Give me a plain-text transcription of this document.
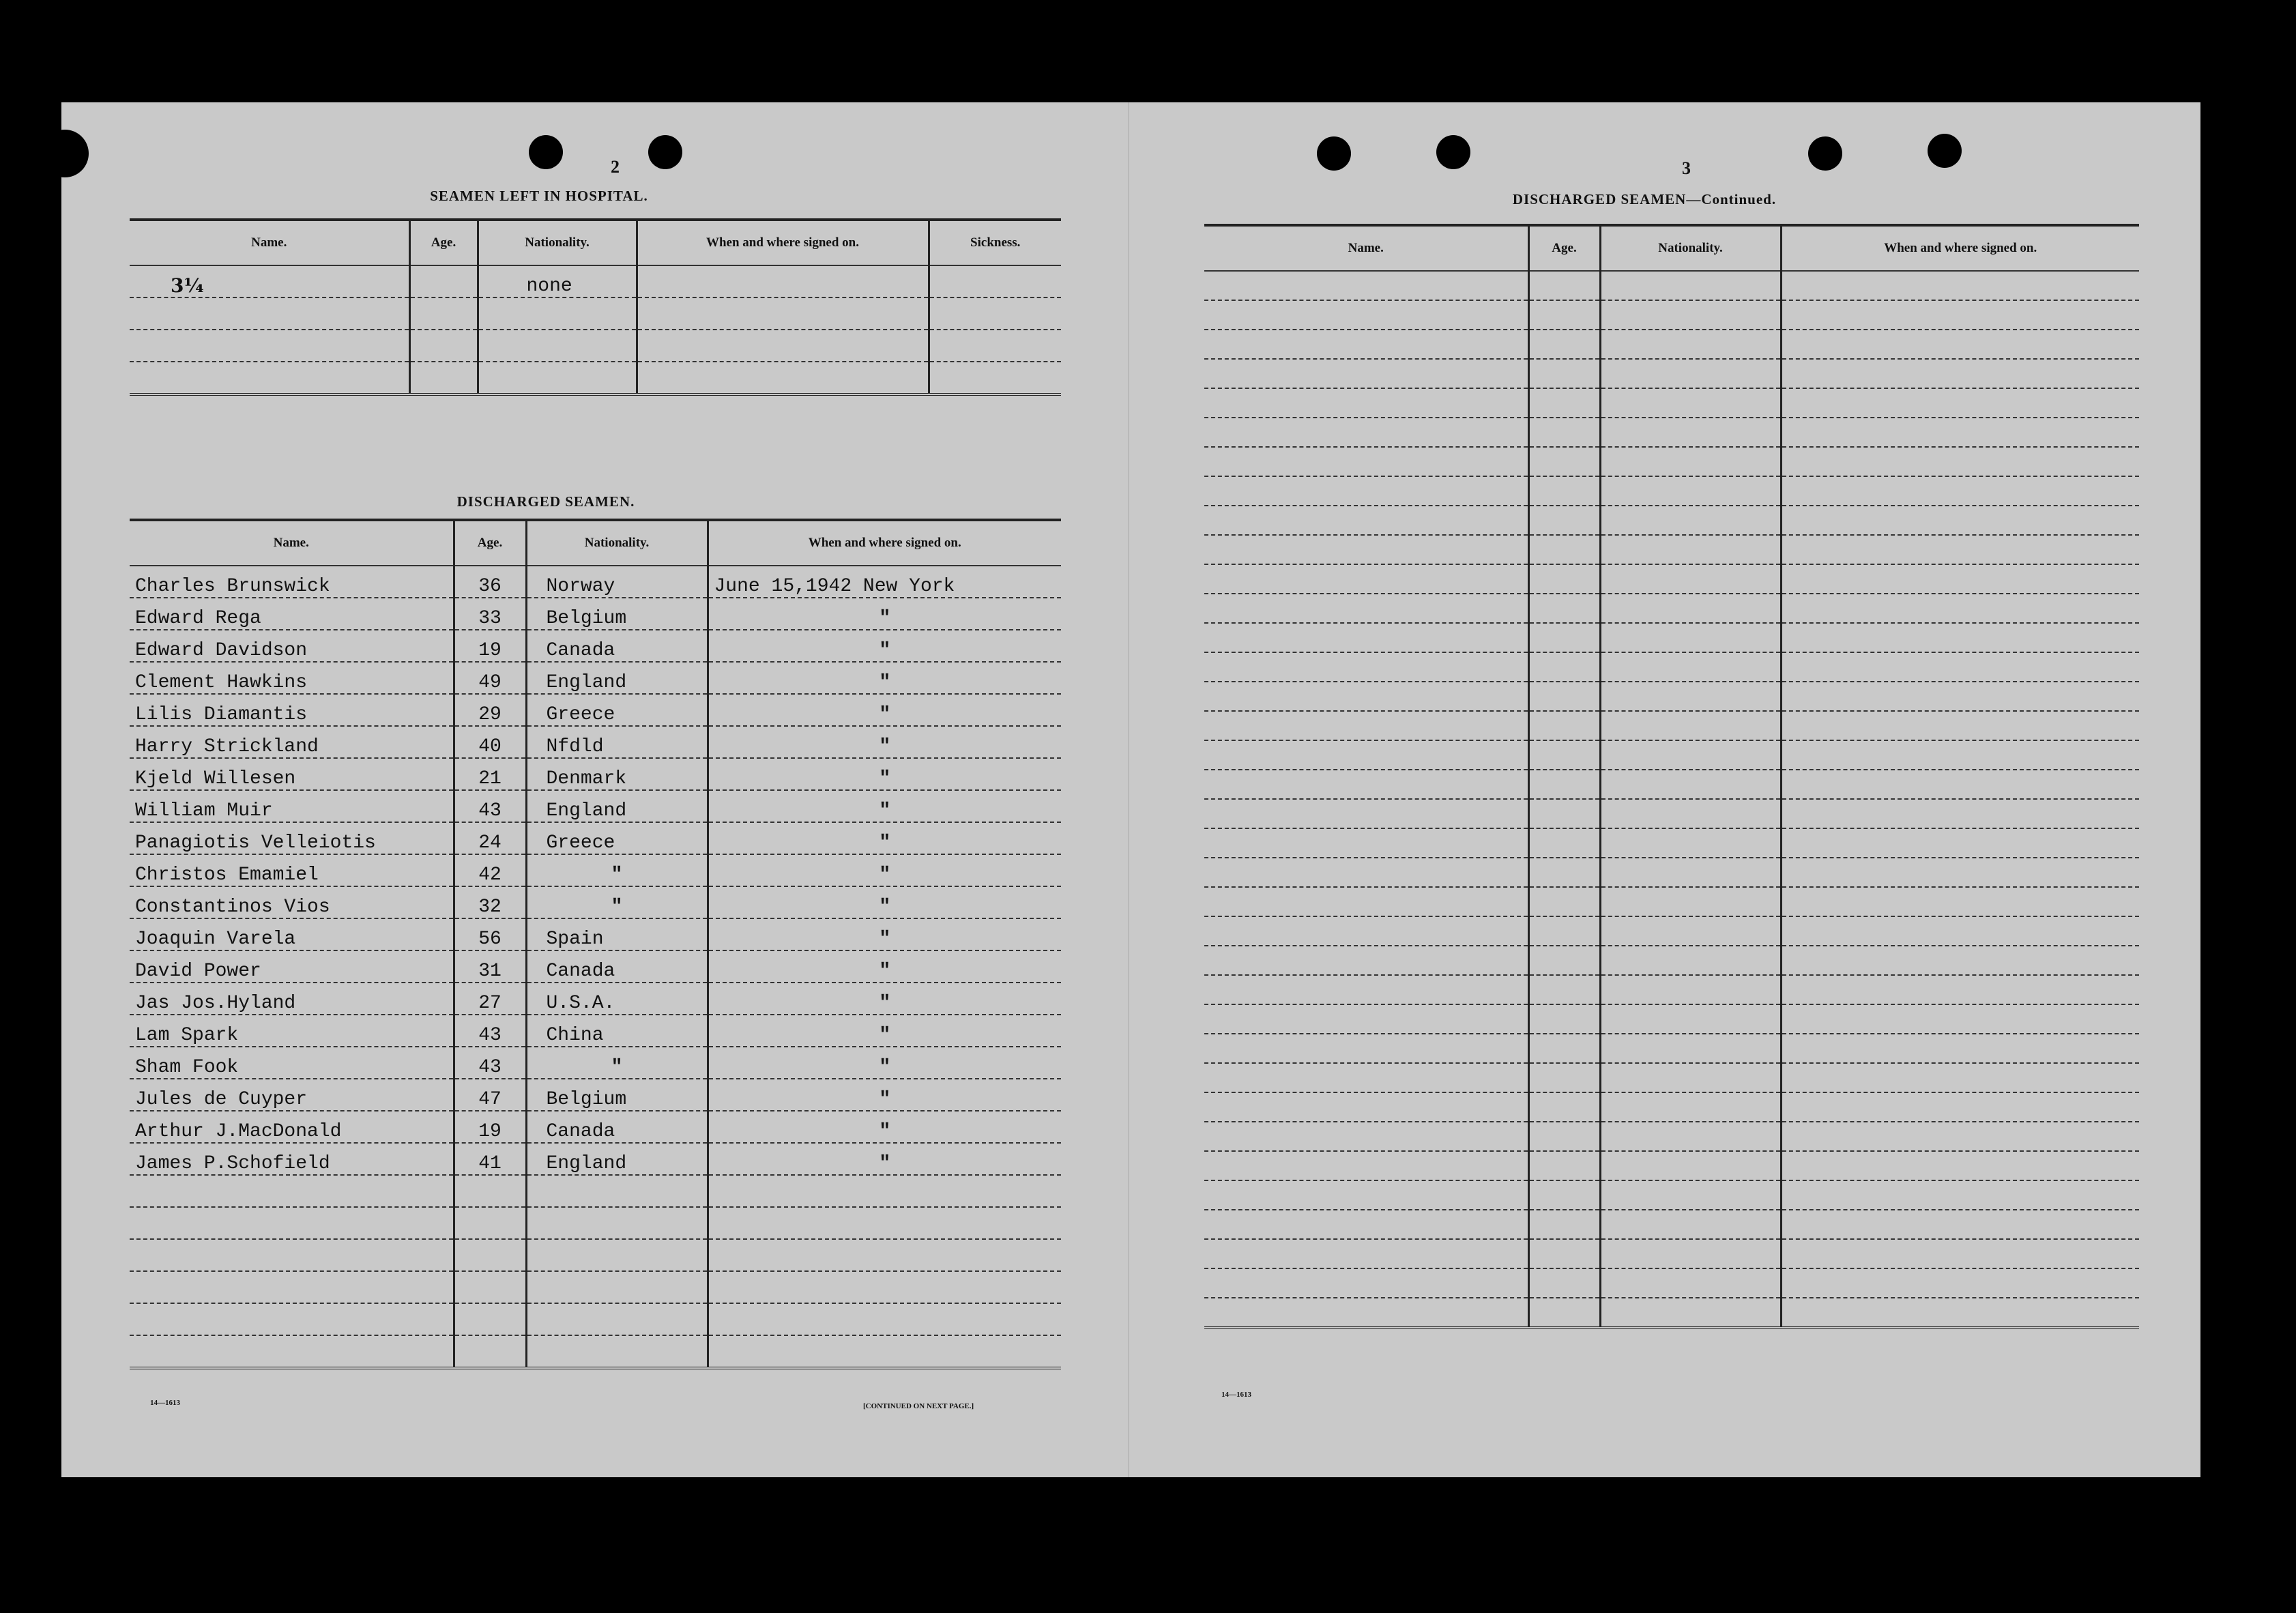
2
SEAMEN LEFT IN HOSPITAL.
Name.	Age.	Nationality.	When and where signed on.	Sickness.
3¼		none		

DISCHARGED SEAMEN.
Name.	Age.	Nationality.	When and where signed on.
Charles Brunswick	36	Norway	June 15,1942 New York
Edward Rega	33	Belgium	"
Edward Davidson	19	Canada	"
Clement Hawkins	49	England	"
Lilis Diamantis	29	Greece	"
Harry Strickland	40	Nfdld	"
Kjeld Willesen	21	Denmark	"
William Muir	43	England	"
Panagiotis Velleiotis	24	Greece	"
Christos Emamiel	42	"	"
Constantinos Vios	32	"	"
Joaquin Varela	56	Spain	"
David Power	31	Canada	"
Jas Jos.Hyland	27	U.S.A.	"
Lam Spark	43	China	"
Sham Fook	43	"	"
Jules de Cuyper	47	Belgium	"
Arthur J.MacDonald	19	Canada	"
James P.Schofield	41	England	"

14—1613	[CONTINUED ON NEXT PAGE.]
3
DISCHARGED SEAMEN—Continued.
Name.	Age.	Nationality.	When and where signed on.

14—1613
